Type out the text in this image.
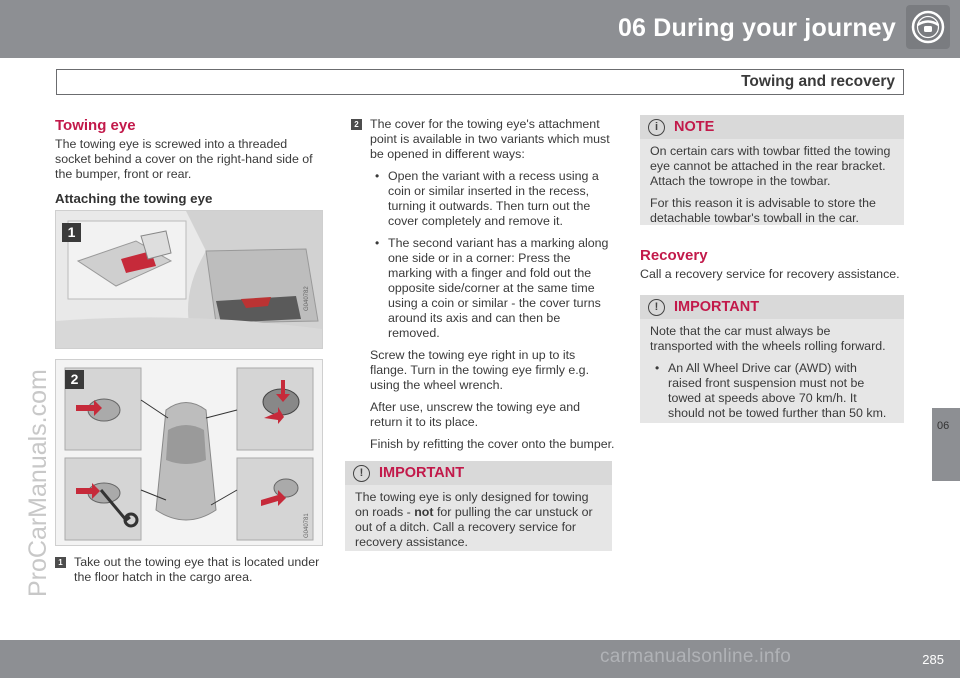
06 During your journey
Towing and recovery
06
ProCarManuals.com
Towing eye

The towing eye is screwed into a threaded socket behind a cover on the right-hand side of the bumper, front or rear.

Attaching the towing eye
1
G040782
2
G040781
1 Take out the towing eye that is located under the floor hatch in the cargo area.

2 The cover for the towing eye's attachment point is available in two variants which must be opened in different ways:

• Open the variant with a recess using a coin or similar inserted in the recess, turning it outwards. Then turn out the cover completely and remove it.

• The second variant has a marking along one side or in a corner: Press the marking with a finger and fold out the opposite side/corner at the same time using a coin or similar - the cover turns around its axis and can then be removed.

Screw the towing eye right in up to its flange. Turn in the towing eye firmly e.g. using the wheel wrench.

After use, unscrew the towing eye and return it to its place.

Finish by refitting the cover onto the bumper.

!	IMPORTANT

The towing eye is only designed for towing on roads - not for pulling the car unstuck or out of a ditch. Call a recovery service for recovery assistance.

i	NOTE

On certain cars with towbar fitted the towing eye cannot be attached in the rear bracket. Attach the towrope in the towbar.

For this reason it is advisable to store the detachable towbar's towball in the car.

Recovery

Call a recovery service for recovery assistance.

!	IMPORTANT

Note that the car must always be transported with the wheels rolling forward.

• An All Wheel Drive car (AWD) with raised front suspension must not be towed at speeds above 70 km/h. It should not be towed further than 50 km.

285
carmanualsonline.info
